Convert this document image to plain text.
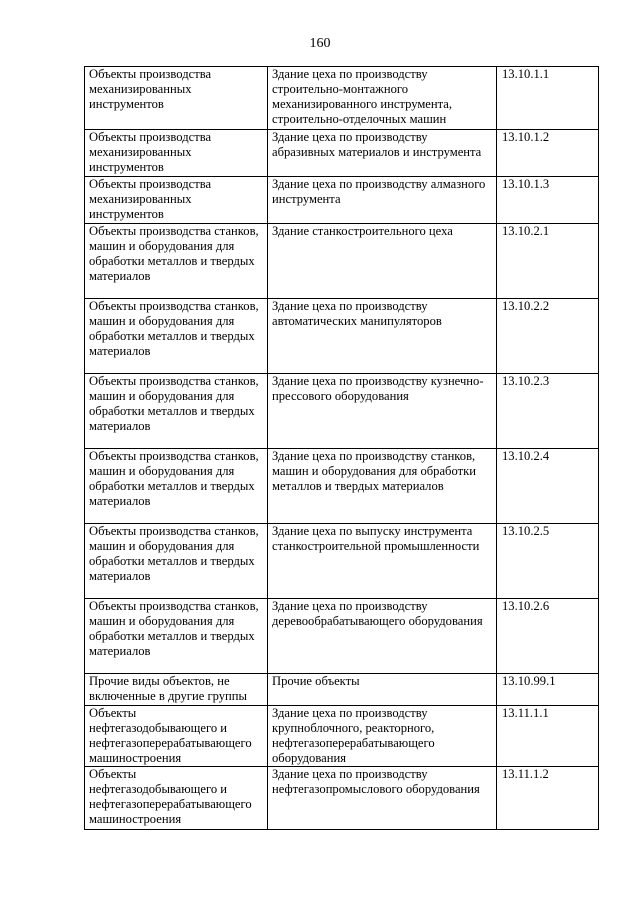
160
Объекты производства механизированных инструментов	Здание цеха по производству строительно-монтажного механизированного инструмента, строительно-отделочных машин	13.10.1.1
Объекты производства механизированных инструментов	Здание цеха по производству абразивных материалов и инструмента	13.10.1.2
Объекты производства механизированных инструментов	Здание цеха по производству алмазного инструмента	13.10.1.3
Объекты производства станков, машин и оборудования для обработки металлов и твердых материалов	Здание станкостроительного цеха	13.10.2.1
Объекты производства станков, машин и оборудования для обработки металлов и твердых материалов	Здание цеха по производству автоматических манипуляторов	13.10.2.2
Объекты производства станков, машин и оборудования для обработки металлов и твердых материалов	Здание цеха по производству кузнечно-прессового оборудования	13.10.2.3
Объекты производства станков, машин и оборудования для обработки металлов и твердых материалов	Здание цеха по производству станков, машин и оборудования для обработки металлов и твердых материалов	13.10.2.4
Объекты производства станков, машин и оборудования для обработки металлов и твердых материалов	Здание цеха по выпуску инструмента станкостроительной промышленности	13.10.2.5
Объекты производства станков, машин и оборудования для обработки металлов и твердых материалов	Здание цеха по производству деревообрабатывающего оборудования	13.10.2.6
Прочие виды объектов, не включенные в другие группы	Прочие объекты	13.10.99.1
Объекты нефтегазодобывающего и нефтегазоперерабатывающего машиностроения	Здание цеха по производству крупноблочного, реакторного, нефтегазоперерабатывающего оборудования	13.11.1.1
Объекты нефтегазодобывающего и нефтегазоперерабатывающего машиностроения	Здание цеха по производству нефтегазопромыслового оборудования	13.11.1.2
